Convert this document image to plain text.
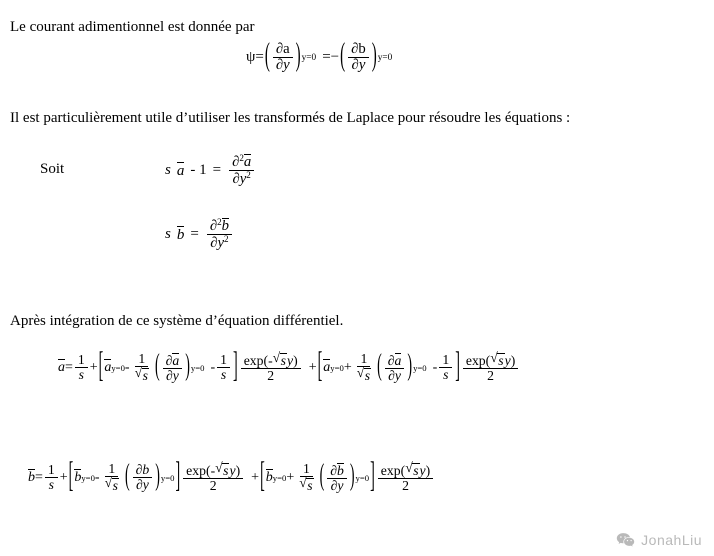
Le courant adimentionnel est donnée par
ψ = ( $\frac{\partial a}{\partial y}$ ) y=0 = − ( $\frac{\partial b}{\partial y}$ ) y=0
Il est particulièrement utile d’utiliser les transformés de Laplace pour résoudre les équations :
Soit	s $a - 1 = \frac{\partial^2a}{\partial y^2}$
s $b = \frac{\partial^2b}{\partial y^2}$
Après intégration de ce système d’équation différentiel.
$a = \frac{1}{s}$ + [ a y=0 - 1
√ s ( $\frac{\partial a}{\partial y}$ ) $y=0 - \frac{1}{s}$ ] $\frac{\exp(- √ sy)}{2}$ + [ a y=0 + 1
√ s ( $\frac{\partial a}{\partial y}$ ) $y=0 - \frac{1}{s}$ ] $\frac{\exp( √ sy)}{2}$
$b = \frac{1}{s}$ + [ b y=0 - 1
√ s ( $\frac{\partial b}{\partial y}$ ) y=0 ] $\frac{\exp(- √ sy)}{2}$ + [ b y=0 + 1
√ s ( $\frac{\partial b}{\partial y}$ ) y=0 ] $\frac{\exp( √ sy)}{2}$
JonahLiu
